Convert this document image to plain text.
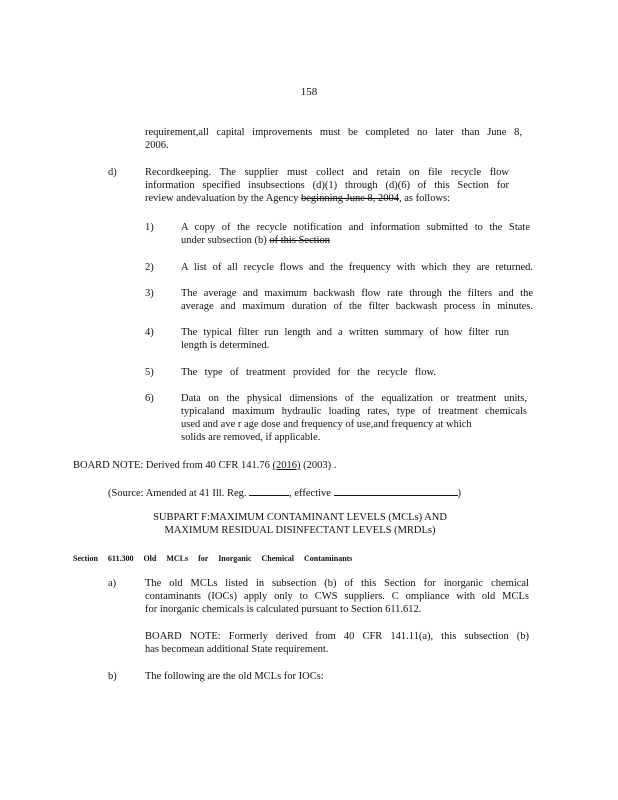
158

requirement,all capital improvements must be completed no later than June 8,

2006.

d)	Recordkeeping. The supplier must collect and retain on file recycle flow

information specified insubsections (d)(1) through (d)(6) of this Section for

review andevaluation by the Agency beginning June 8, 2004, as follows:

1)	A copy of the recycle notification and information submitted to the State

under subsection (b) of this Section

2)	A list of all recycle flows and the frequency with which they are returned.

3)	The average and maximum backwash flow rate through the filters and the

average and maximum duration of the filter backwash process in minutes.

4)	The typical filter run length and a written summary of how filter run

length is determined.

5)	The type of treatment provided for the recycle flow.

6)	Data on the physical dimensions of the equalization or treatment units,

typicaland maximum hydraulic loading rates, type of treatment chemicals

used and ave r age dose and frequency of use,and frequency at which

solids are removed, if applicable.

BOARD NOTE: Derived from 40 CFR 141.76 (2016) (2003) .
(Source: Amended at 41 Ill. Reg.	, effective	)

SUBPART F:MAXIMUM CONTAMINANT LEVELS (MCLs) AND

MAXIMUM RESIDUAL DISINFECTANT LEVELS (MRDLs)

Section 611.300 Old MCLs for Inorganic Chemical Contaminants
a)	The old MCLs listed in subsection (b) of this Section for inorganic chemical

contaminants (IOCs) apply only to CWS suppliers. C ompliance with old MCLs

for inorganic chemicals is calculated pursuant to Section 611.612.

BOARD NOTE: Formerly derived from 40 CFR 141.11(a), this subsection (b)

has becomean additional State requirement.

b)	The following are the old MCLs for IOCs:
